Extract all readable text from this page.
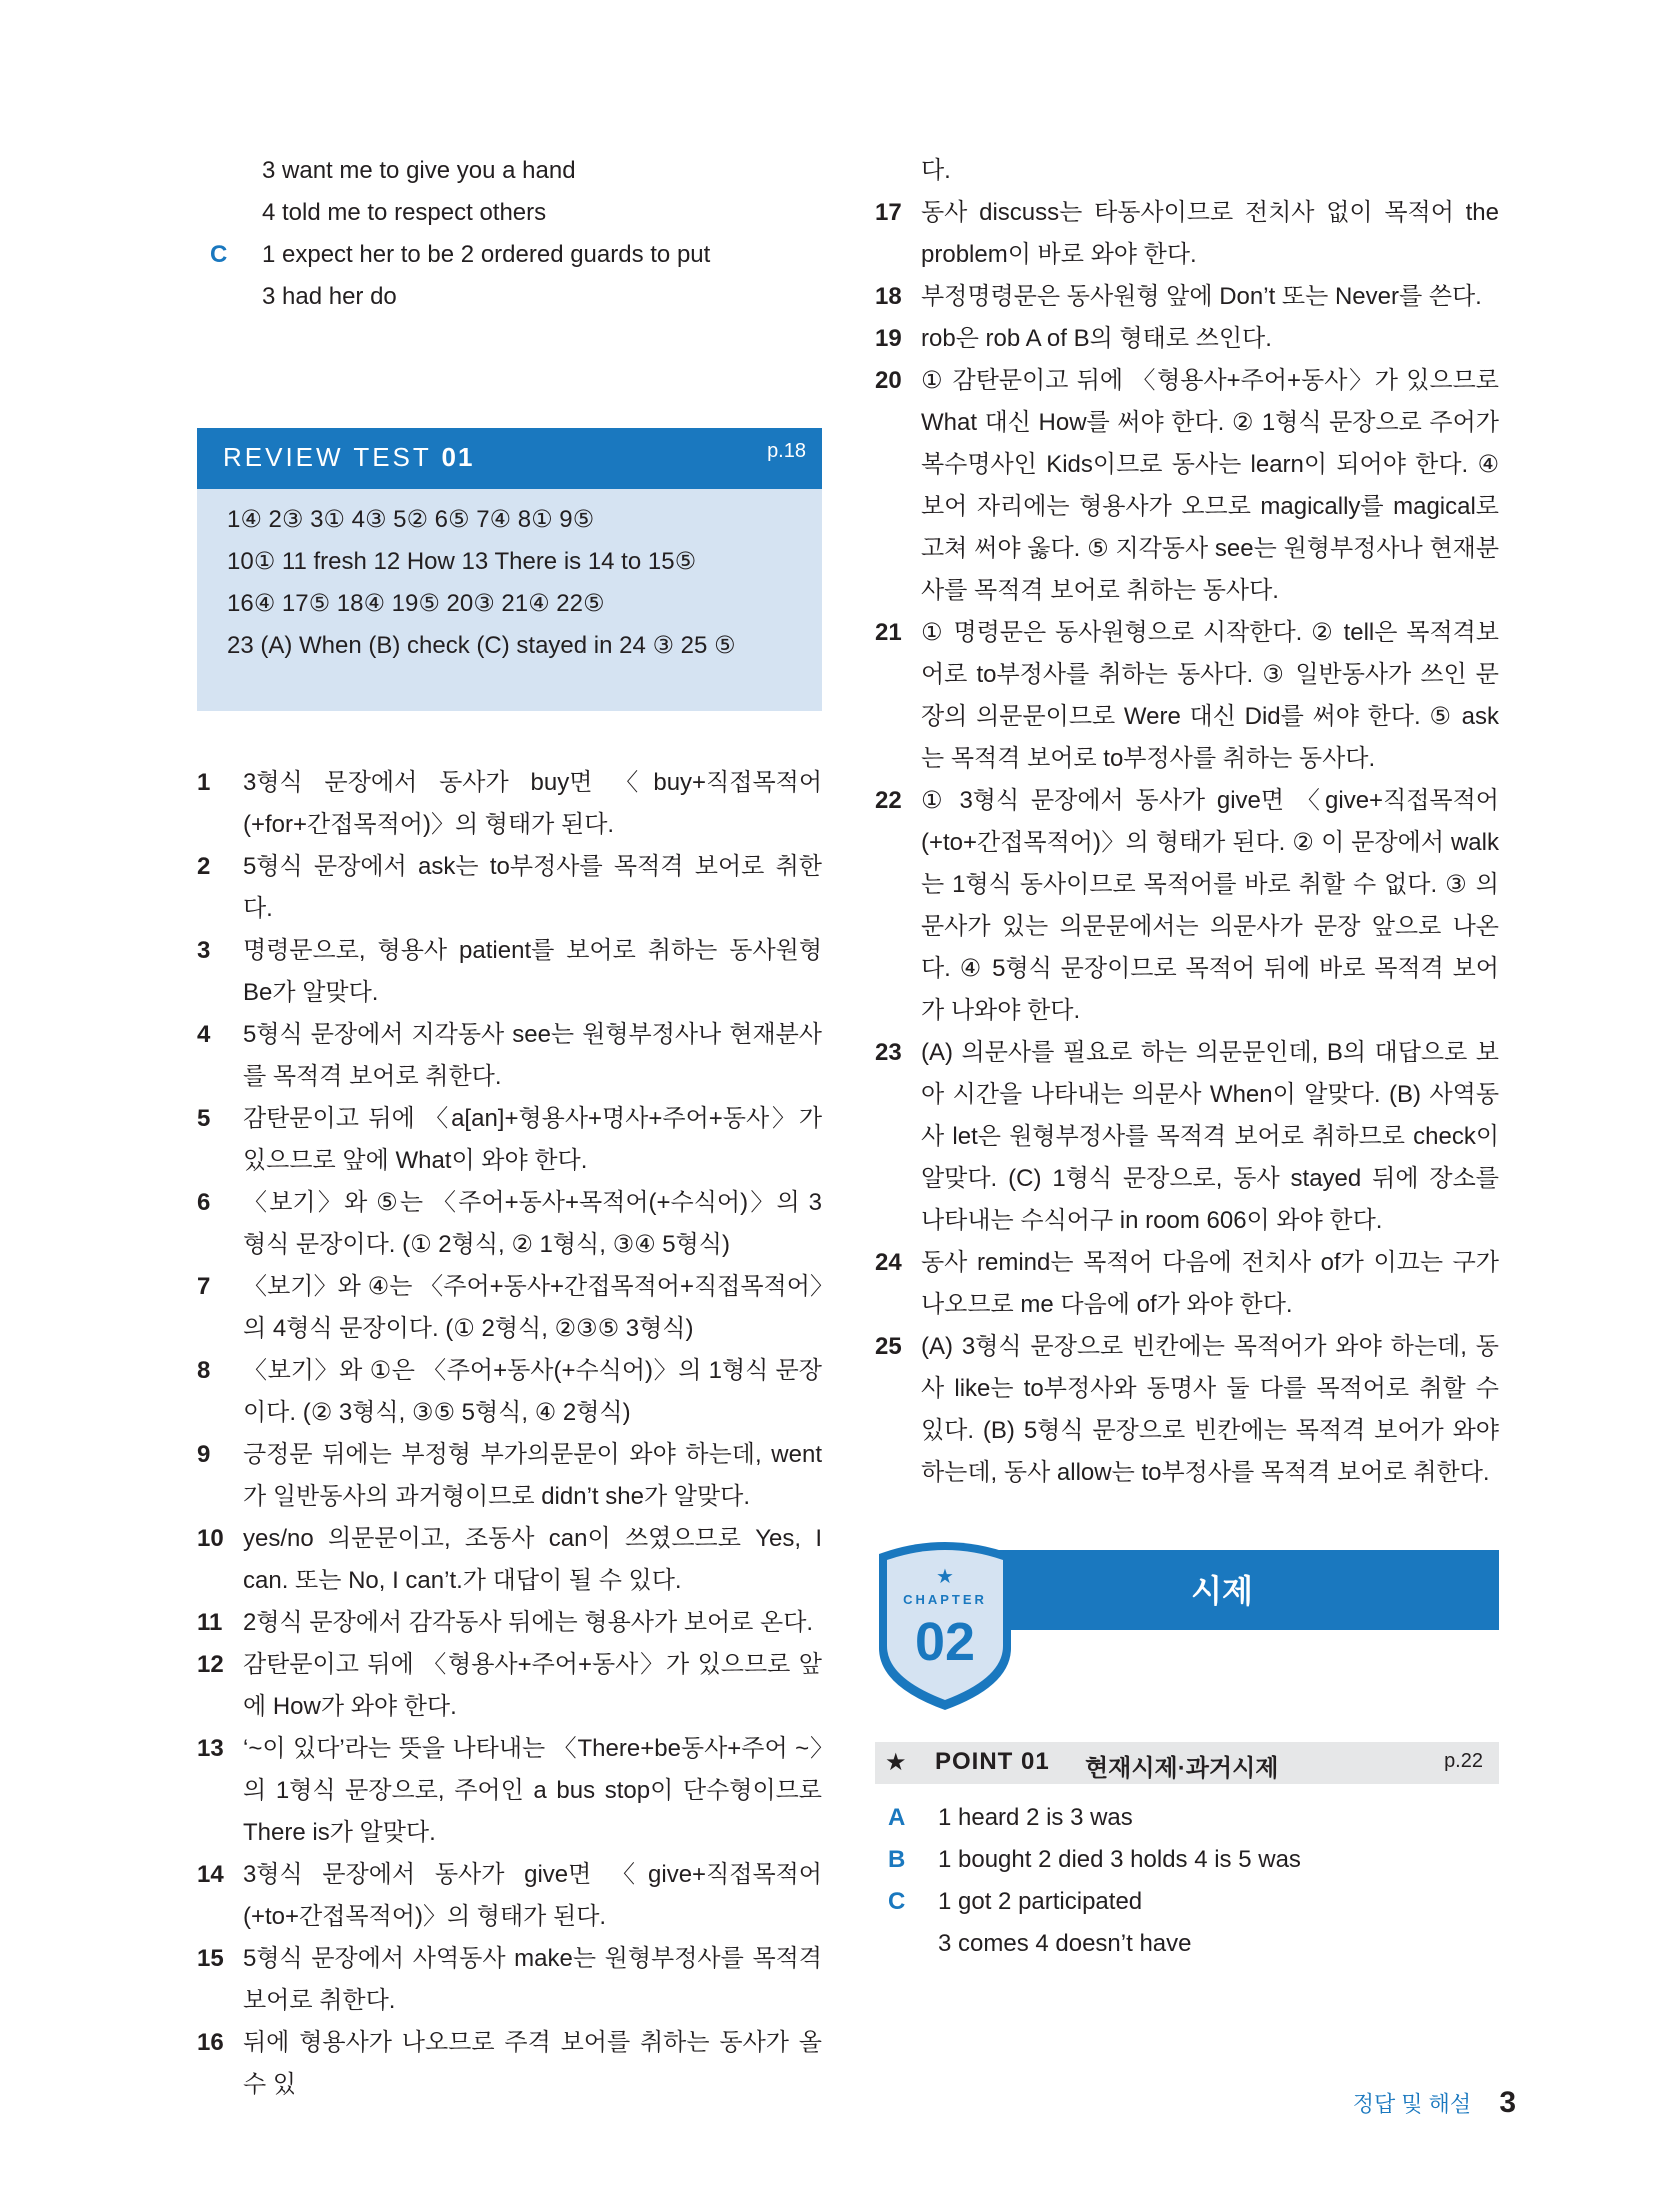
3 want me to give you a hand
4 told me to respect others
C 1 expect her to be 2 ordered guards to put
3 had her do
REVIEW TEST 01	p.18
1④ 2③ 3① 4③ 5② 6⑤ 7④ 8① 9⑤
10① 11 fresh 12 How 13 There is 14 to 15⑤
16④ 17⑤ 18④ 19⑤ 20③ 21④ 22⑤
23 (A) When (B) check (C) stayed in 24 ③ 25 ⑤
1 3형식 문장에서 동사가 buy면 〈buy+직접목적어(+for+간접목적어)〉의 형태가 된다.
2 5형식 문장에서 ask는 to부정사를 목적격 보어로 취한다.
3 명령문으로, 형용사 patient를 보어로 취하는 동사원형 Be가 알맞다.
4 5형식 문장에서 지각동사 see는 원형부정사나 현재분사를 목적격 보어로 취한다.
5 감탄문이고 뒤에 〈a[an]+형용사+명사+주어+동사〉가 있으므로 앞에 What이 와야 한다.
6 〈보기〉와 ⑤는 〈주어+동사+목적어(+수식어)〉의 3형식 문장이다. (① 2형식, ② 1형식, ③④ 5형식)
7 〈보기〉와 ④는 〈주어+동사+간접목적어+직접목적어〉의 4형식 문장이다. (① 2형식, ②③⑤ 3형식)
8 〈보기〉와 ①은 〈주어+동사(+수식어)〉의 1형식 문장이다. (② 3형식, ③⑤ 5형식, ④ 2형식)
9 긍정문 뒤에는 부정형 부가의문문이 와야 하는데, went가 일반동사의 과거형이므로 didn’t she가 알맞다.
10 yes/no 의문문이고, 조동사 can이 쓰였으므로 Yes, I can. 또는 No, I can’t.가 대답이 될 수 있다.
11 2형식 문장에서 감각동사 뒤에는 형용사가 보어로 온다.
12 감탄문이고 뒤에 〈형용사+주어+동사〉가 있으므로 앞에 How가 와야 한다.
13 ‘~이 있다’라는 뜻을 나타내는 〈There+be동사+주어 ~〉의 1형식 문장으로, 주어인 a bus stop이 단수형이므로 There is가 알맞다.
14 3형식 문장에서 동사가 give면 〈give+직접목적어(+to+간접목적어)〉의 형태가 된다.
15 5형식 문장에서 사역동사 make는 원형부정사를 목적격 보어로 취한다.
16 뒤에 형용사가 나오므로 주격 보어를 취하는 동사가 올 수 있
다.
17 동사 discuss는 타동사이므로 전치사 없이 목적어 the problem이 바로 와야 한다.
18 부정명령문은 동사원형 앞에 Don’t 또는 Never를 쓴다.
19 rob은 rob A of B의 형태로 쓰인다.
20 ① 감탄문이고 뒤에 〈형용사+주어+동사〉가 있으므로 What 대신 How를 써야 한다. ② 1형식 문장으로 주어가 복수명사인 Kids이므로 동사는 learn이 되어야 한다. ④ 보어 자리에는 형용사가 오므로 magically를 magical로 고쳐 써야 옳다. ⑤ 지각동사 see는 원형부정사나 현재분사를 목적격 보어로 취하는 동사다.
21 ① 명령문은 동사원형으로 시작한다. ② tell은 목적격보어로 to부정사를 취하는 동사다. ③ 일반동사가 쓰인 문장의 의문문이므로 Were 대신 Did를 써야 한다. ⑤ ask는 목적격 보어로 to부정사를 취하는 동사다.
22 ① 3형식 문장에서 동사가 give면 〈give+직접목적어(+to+간접목적어)〉의 형태가 된다. ② 이 문장에서 walk는 1형식 동사이므로 목적어를 바로 취할 수 없다. ③ 의문사가 있는 의문문에서는 의문사가 문장 앞으로 나온다. ④ 5형식 문장이므로 목적어 뒤에 바로 목적격 보어가 나와야 한다.
23 (A) 의문사를 필요로 하는 의문문인데, B의 대답으로 보아 시간을 나타내는 의문사 When이 알맞다. (B) 사역동사 let은 원형부정사를 목적격 보어로 취하므로 check이 알맞다. (C) 1형식 문장으로, 동사 stayed 뒤에 장소를 나타내는 수식어구 in room 606이 와야 한다.
24 동사 remind는 목적어 다음에 전치사 of가 이끄는 구가 나오므로 me 다음에 of가 와야 한다.
25 (A) 3형식 문장으로 빈칸에는 목적어가 와야 하는데, 동사 like는 to부정사와 동명사 둘 다를 목적어로 취할 수 있다. (B) 5형식 문장으로 빈칸에는 목적격 보어가 와야 하는데, 동사 allow는 to부정사를 목적격 보어로 취한다.
시제
★
CHAPTER
02
★ POINT 01 현재시제·과거시제	p.22
A 1 heard 2 is 3 was
B 1 bought 2 died 3 holds 4 is 5 was
C 1 got 2 participated
3 comes 4 doesn’t have
정답 및 해설 3
